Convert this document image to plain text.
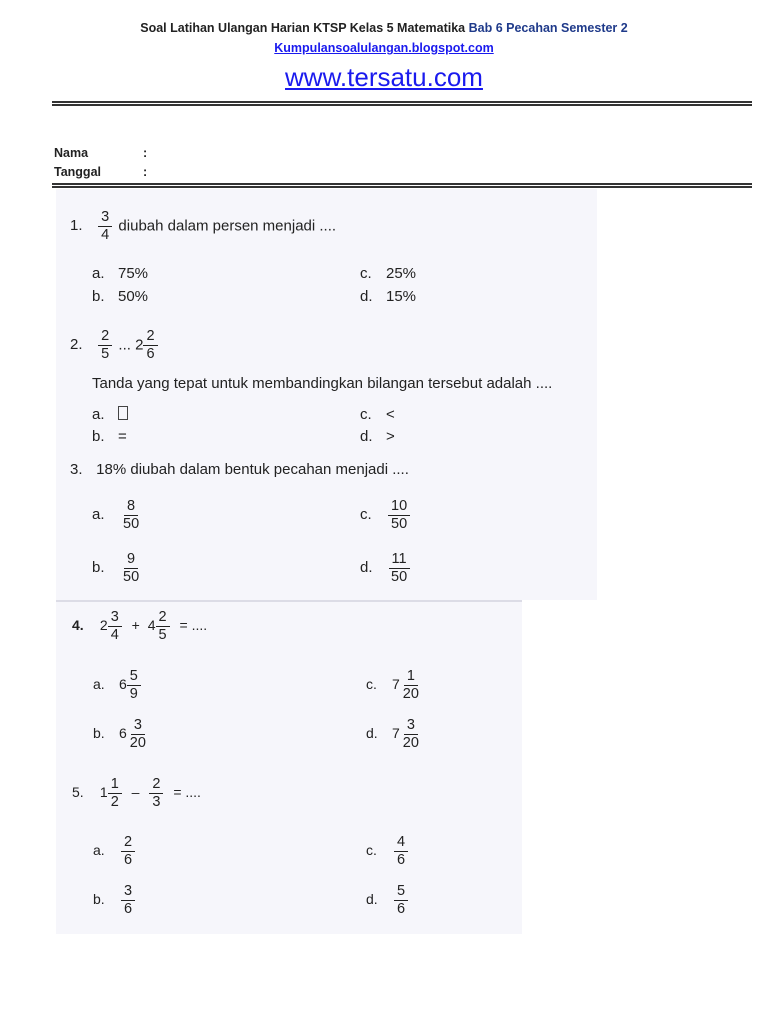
Soal Latihan Ulangan Harian KTSP Kelas 5 Matematika Bab 6 Pecahan Semester 2
Kumpulansoalulangan.blogspot.com
www.tersatu.com
Nama	:
Tanggal	:
1. $\frac{3}{4}$ diubah dalam persen menjadi ....
a. 75%
b. 50%
c. 25%
d. 15%
2. $\frac{2}{5}$ ... $2 \frac{2}{6}$
Tanda yang tepat untuk membandingkan bilangan tersebut adalah ....
a.
b. =
c. <
d. >
3. 18% diubah dalam bentuk pecahan menjadi ....
a. $\frac{8}{50}$
b. $\frac{9}{50}$
c. $\frac{10}{50}$
d. $\frac{11}{50}$
4. $2 \frac{3}{4} + 4 \frac{2}{5}$ = ....
a. $6 \frac{5}{9}$
b. $6 \frac{3}{20}$
c. $7 \frac{1}{20}$
d. $7 \frac{3}{20}$
5. $1 \frac{1}{2} - \frac{2}{3}$ = ....
a. $\frac{2}{6}$
b. $\frac{3}{6}$
c. $\frac{4}{6}$
d. $\frac{5}{6}$
